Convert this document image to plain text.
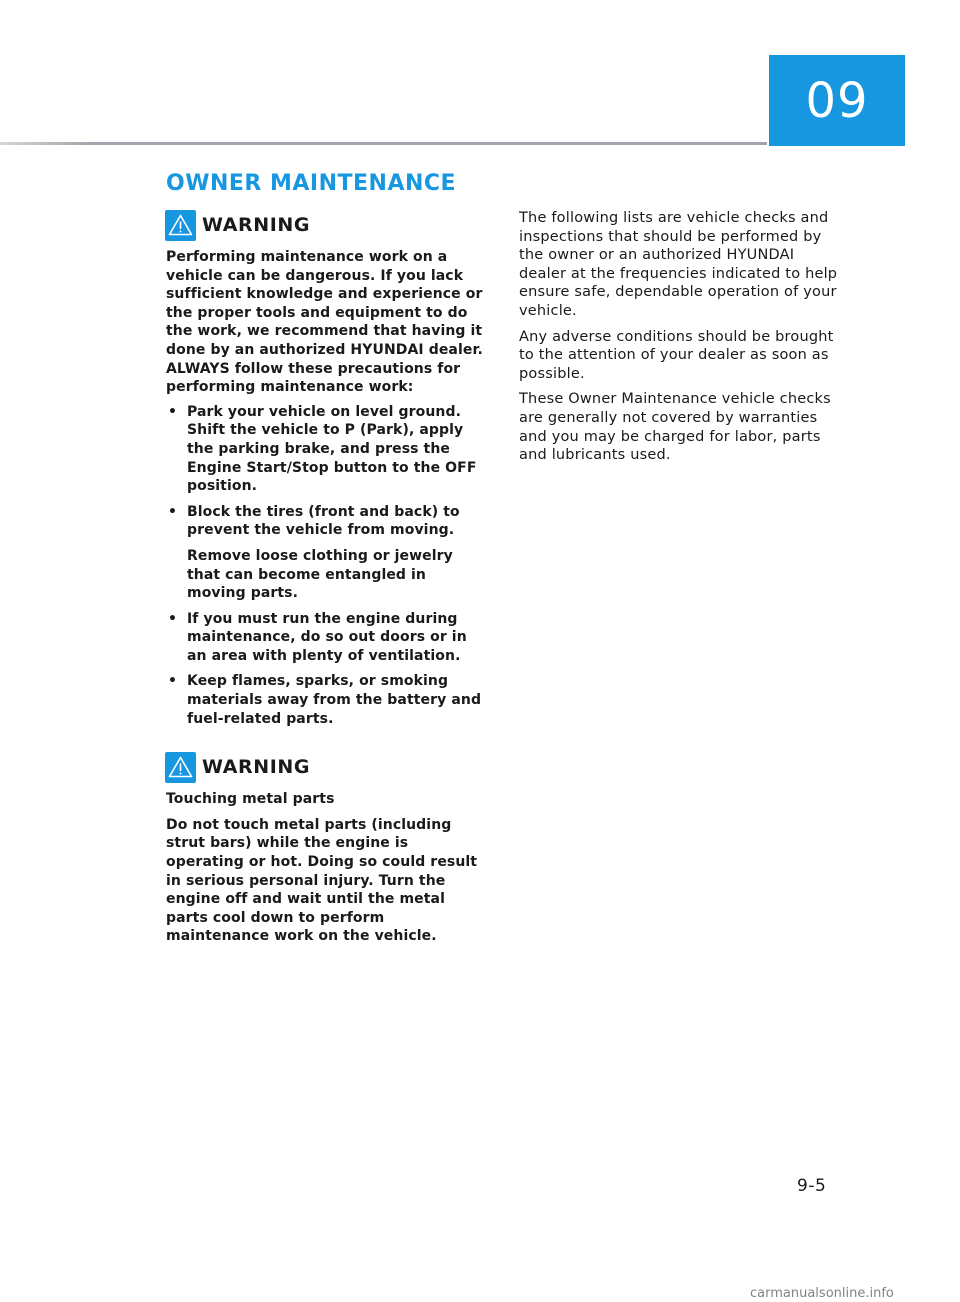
09
OWNER MAINTENANCE
WARNING

Performing maintenance work on a vehicle can be dangerous. If you lack sufficient knowledge and experience or the proper tools and equipment to do the work, we recommend that having it done by an authorized HYUNDAI dealer. ALWAYS follow these precautions for performing maintenance work:

• Park your vehicle on level ground. Shift the vehicle to P (Park), apply the parking brake, and press the Engine Start/Stop button to the OFF position.

• Block the tires (front and back) to prevent the vehicle from moving.

Remove loose clothing or jewelry that can become entangled in moving parts.

• If you must run the engine during maintenance, do so out doors or in an area with plenty of ventilation.

• Keep flames, sparks, or smoking materials away from the battery and fuel-related parts.

WARNING

Touching metal parts

Do not touch metal parts (including strut bars) while the engine is operating or hot. Doing so could result in serious personal injury. Turn the engine off and wait until the metal parts cool down to perform maintenance work on the vehicle.

The following lists are vehicle checks and inspections that should be performed by the owner or an authorized HYUNDAI dealer at the frequencies indicated to help ensure safe, dependable operation of your vehicle.

Any adverse conditions should be brought to the attention of your dealer as soon as possible.

These Owner Maintenance vehicle checks are generally not covered by warranties and you may be charged for labor, parts and lubricants used.

9-5
carmanualsonline.info
